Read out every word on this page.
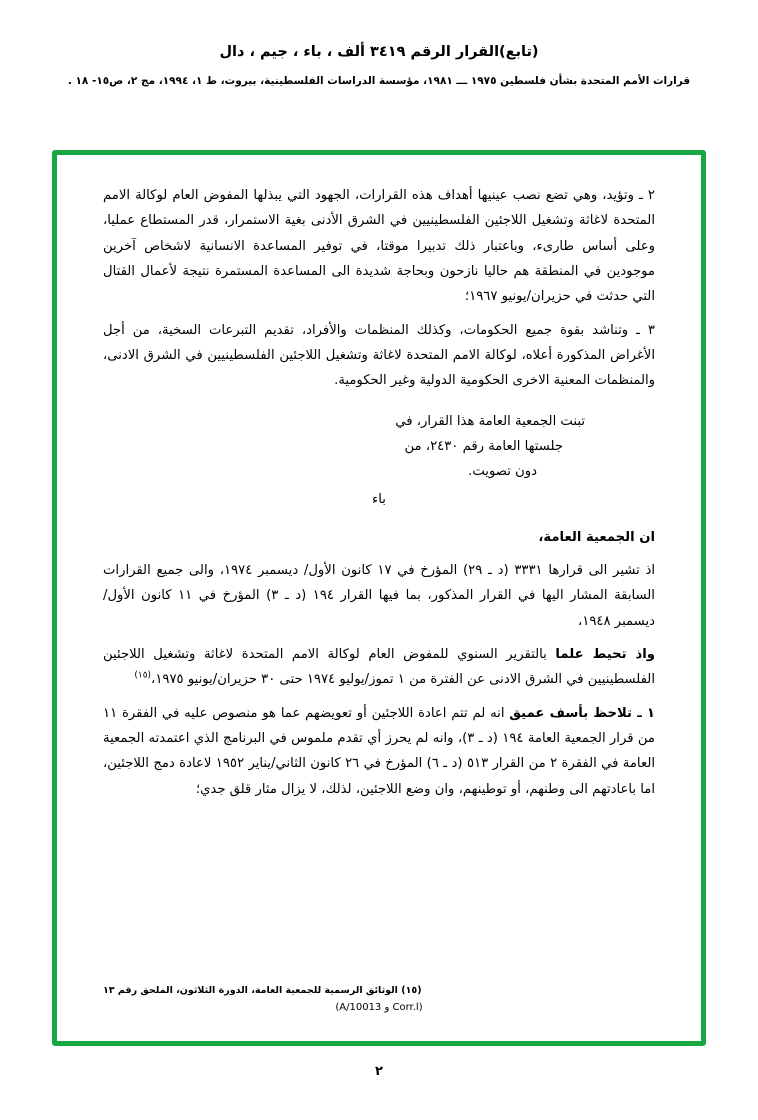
(تابع)القرار الرقم ٣٤١٩ ألف ، باء ، جيم ، دال
قرارات الأمم المتحدة بشأن فلسطين ١٩٧٥ ـــ ١٩٨١، مؤسسة الدراسات الفلسطينية، بيروت، ط ١، ١٩٩٤، مج ٢، ص١٥- ١٨ .

٢ ـ وتؤيد، وهي تضع نصب عينيها أهداف هذه القرارات، الجهود التي يبذلها المفوض العام لوكالة الامم المتحدة لاغاثة وتشغيل اللاجئين الفلسطينيين في الشرق الأدنى بغية الاستمرار، قدر المستطاع عمليا، وعلى أساس طارىء، وباعتبار ذلك تدبيرا موقتا، في توفير المساعدة الانسانية لاشخاص آخرين موجودين في المنطقة هم حاليا نازحون وبحاجة شديدة الى المساعدة المستمرة نتيجة لأعمال القتال التي حدثت في حزيران/يونيو ١٩٦٧؛

٣ ـ وتناشد بقوة جميع الحكومات، وكذلك المنظمات والأفراد، تقديم التبرعات السخية، من أجل الأغراض المذكورة أعلاه، لوكالة الامم المتحدة لاغاثة وتشغيل اللاجئين الفلسطينيين في الشرق الادنى، والمنظمات المعنية الاخرى الحكومية الدولية وغير الحكومية.

تبنت الجمعية العامة هذا القرار، في
جلستها العامة رقم ٢٤٣٠، من
دون تصويت.
باء

ان الجمعية العامة،

اذ تشير الى قرارها ٣٣٣١ (د ـ ٢٩) المؤرخ في ١٧ كانون الأول/ ديسمبر ١٩٧٤، والى جميع القرارات السابقة المشار اليها في القرار المذكور، بما فيها القرار ١٩٤ (د ـ ٣) المؤرخ في ١١ كانون الأول/ ديسمبر ١٩٤٨،

واذ تحيط علما بالتقرير السنوي للمفوض العام لوكالة الامم المتحدة لاغاثة وتشغيل اللاجئين الفلسطينيين في الشرق الادنى عن الفترة من ١ تموز/يوليو ١٩٧٤ حتى ٣٠ حزيران/يونيو ١٩٧٥،$^{(١٥)}$

١ ـ تلاحظ بأسف عميق انه لم تتم اعادة اللاجئين أو تعويضهم عما هو منصوص عليه في الفقرة ١١ من قرار الجمعية العامة ١٩٤ (د ـ ٣)، وانه لم يحرز أي تقدم ملموس في البرنامج الذي اعتمدته الجمعية العامة في الفقرة ٢ من القرار ٥١٣ (د ـ ٦) المؤرخ في ٢٦ كانون الثاني/يناير ١٩٥٢ لاعادة دمج اللاجئين، اما باعادتهم الى وطنهم، أو توطينهم، وان وضع اللاجئين، لذلك، لا يزال مثار قلق جدي؛

(١٥) الوثائق الرسمية للجمعية العامة، الدورة الثلاثون، الملحق رقم ١٣
(A/10013 و Corr.l)
٢
